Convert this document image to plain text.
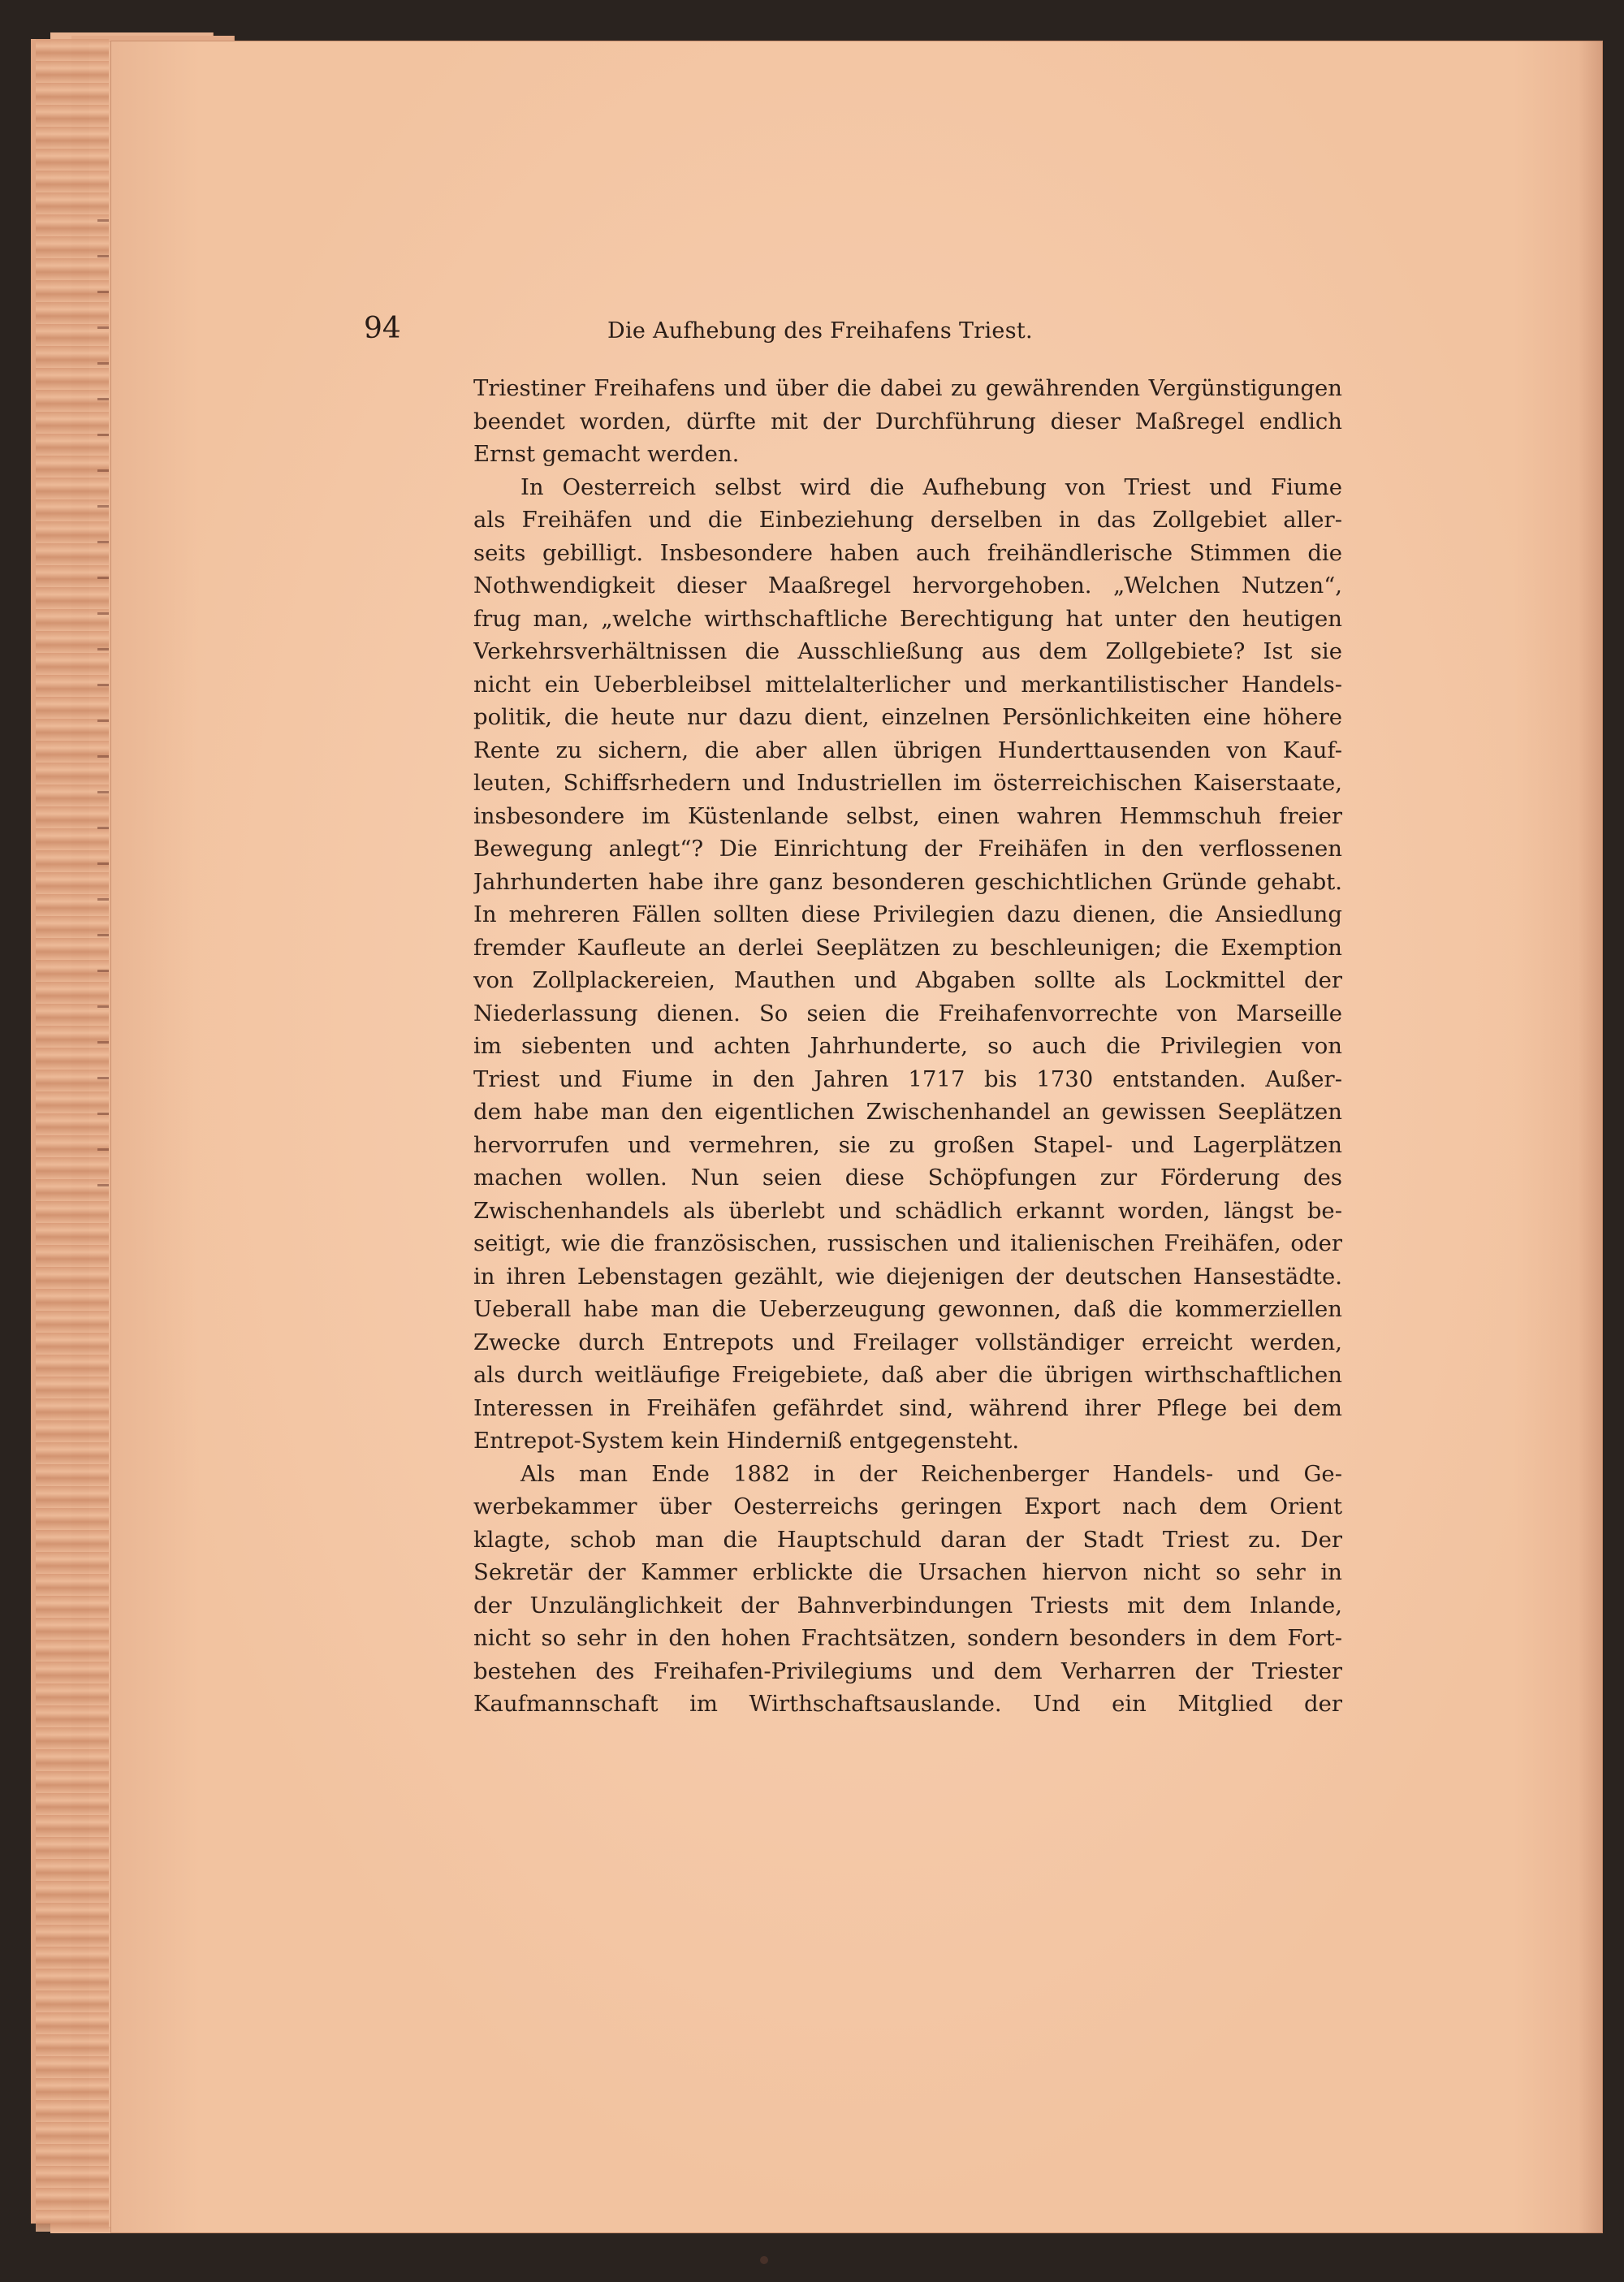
94	Die Aufhebung des Freihafens Triest.
Triestiner Freihafens und über die dabei zu gewährenden Vergünstigungen
beendet worden, dürfte mit der Durchführung dieser Maßregel endlich
Ernst gemacht werden.
In Oesterreich selbst wird die Aufhebung von Triest und Fiume
als Freihäfen und die Einbeziehung derselben in das Zollgebiet aller-
seits gebilligt. Insbesondere haben auch freihändlerische Stimmen die
Nothwendigkeit dieser Maaßregel hervorgehoben. „Welchen Nutzen“,
frug man, „welche wirthschaftliche Berechtigung hat unter den heutigen
Verkehrsverhältnissen die Ausschließung aus dem Zollgebiete? Ist sie
nicht ein Ueberbleibsel mittelalterlicher und merkantilistischer Handels-
politik, die heute nur dazu dient, einzelnen Persönlichkeiten eine höhere
Rente zu sichern, die aber allen übrigen Hunderttausenden von Kauf-
leuten, Schiffsrhedern und Industriellen im österreichischen Kaiserstaate,
insbesondere im Küstenlande selbst, einen wahren Hemmschuh freier
Bewegung anlegt“? Die Einrichtung der Freihäfen in den verflossenen
Jahrhunderten habe ihre ganz besonderen geschichtlichen Gründe gehabt.
In mehreren Fällen sollten diese Privilegien dazu dienen, die Ansiedlung
fremder Kaufleute an derlei Seeplätzen zu beschleunigen; die Exemption
von Zollplackereien, Mauthen und Abgaben sollte als Lockmittel der
Niederlassung dienen. So seien die Freihafenvorrechte von Marseille
im siebenten und achten Jahrhunderte, so auch die Privilegien von
Triest und Fiume in den Jahren 1717 bis 1730 entstanden. Außer-
dem habe man den eigentlichen Zwischenhandel an gewissen Seeplätzen
hervorrufen und vermehren, sie zu großen Stapel- und Lagerplätzen
machen wollen. Nun seien diese Schöpfungen zur Förderung des
Zwischenhandels als überlebt und schädlich erkannt worden, längst be-
seitigt, wie die französischen, russischen und italienischen Freihäfen, oder
in ihren Lebenstagen gezählt, wie diejenigen der deutschen Hansestädte.
Ueberall habe man die Ueberzeugung gewonnen, daß die kommerziellen
Zwecke durch Entrepots und Freilager vollständiger erreicht werden,
als durch weitläufige Freigebiete, daß aber die übrigen wirthschaftlichen
Interessen in Freihäfen gefährdet sind, während ihrer Pflege bei dem
Entrepot-System kein Hinderniß entgegensteht.
Als man Ende 1882 in der Reichenberger Handels- und Ge-
werbekammer über Oesterreichs geringen Export nach dem Orient
klagte, schob man die Hauptschuld daran der Stadt Triest zu. Der
Sekretär der Kammer erblickte die Ursachen hiervon nicht so sehr in
der Unzulänglichkeit der Bahnverbindungen Triests mit dem Inlande,
nicht so sehr in den hohen Frachtsätzen, sondern besonders in dem Fort-
bestehen des Freihafen-Privilegiums und dem Verharren der Triester
Kaufmannschaft im Wirthschaftsauslande. Und ein Mitglied der
